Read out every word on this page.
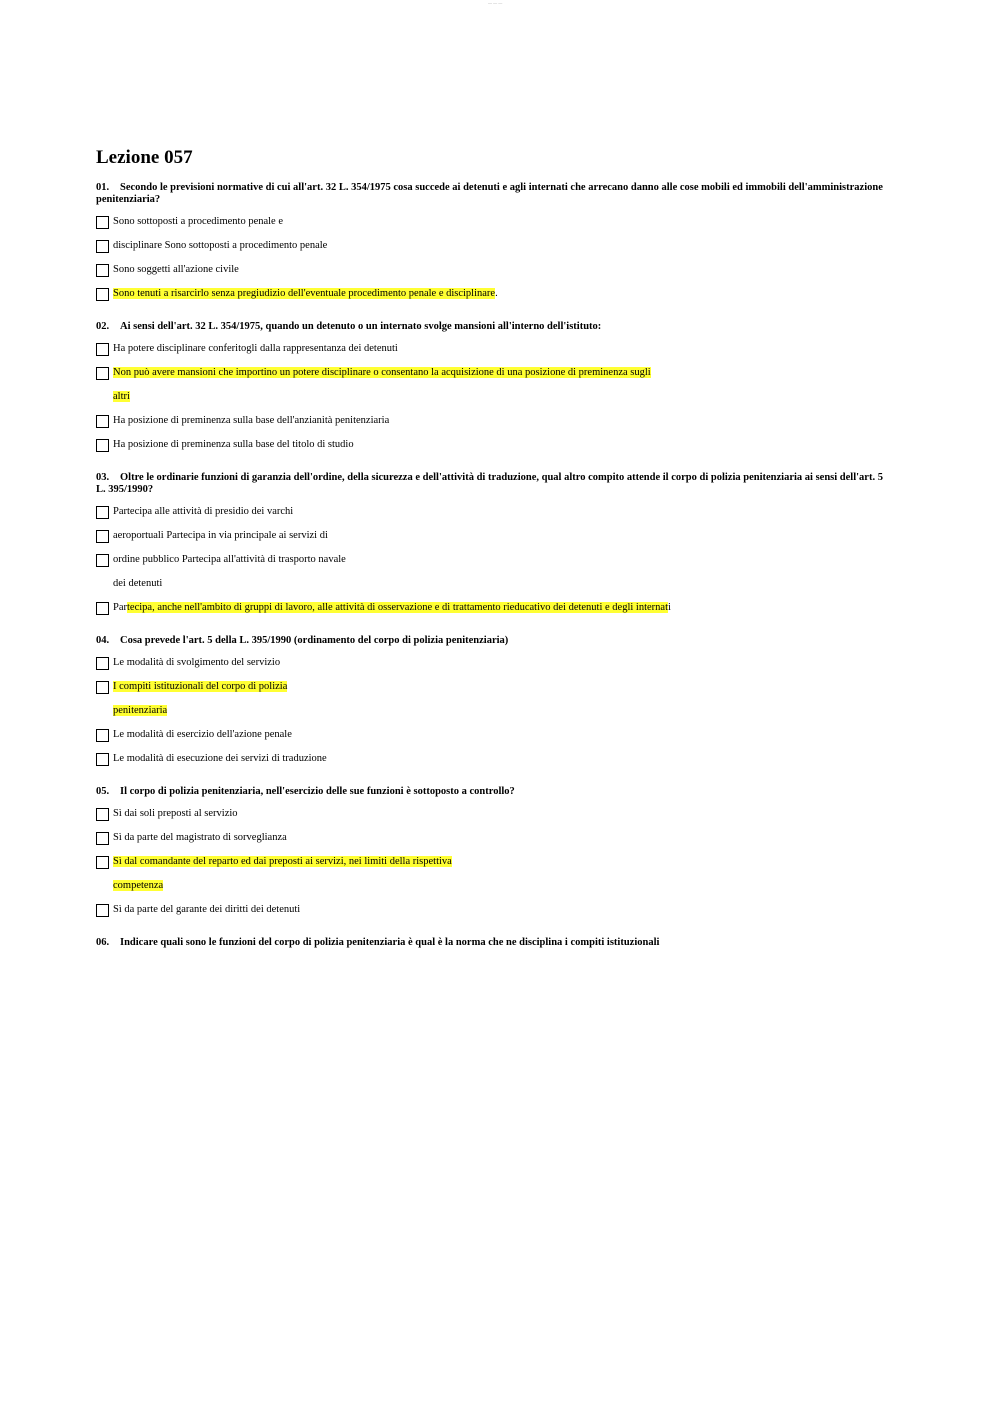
— — —
Lezione 057
01. Secondo le previsioni normative di cui all'art. 32 L. 354/1975 cosa succede ai detenuti e agli internati che arrecano danno alle cose mobili ed immobili dell'amministrazione penitenziaria?
Sono sottoposti a procedimento penale e
disciplinare Sono sottoposti a procedimento penale
Sono soggetti all'azione civile
Sono tenuti a risarcirlo senza pregiudizio dell'eventuale procedimento penale e disciplinare.
02. Ai sensi dell'art. 32 L. 354/1975, quando un detenuto o un internato svolge mansioni all'interno dell'istituto:
Ha potere disciplinare conferitogli dalla rappresentanza dei detenuti
Non può avere mansioni che importino un potere disciplinare o consentano la acquisizione di una posizione di preminenza sugli
altri
Ha posizione di preminenza sulla base dell'anzianità penitenziaria
Ha posizione di preminenza sulla base del titolo di studio
03. Oltre le ordinarie funzioni di garanzia dell'ordine, della sicurezza e dell'attività di traduzione, qual altro compito attende il corpo di polizia penitenziaria ai sensi dell'art. 5 L. 395/1990?
Partecipa alle attività di presidio dei varchi
aeroportuali Partecipa in via principale ai servizi di
ordine pubblico Partecipa all'attività di trasporto navale
dei detenuti
Partecipa, anche nell'ambito di gruppi di lavoro, alle attività di osservazione e di trattamento rieducativo dei detenuti e degli internati
04. Cosa prevede l'art. 5 della L. 395/1990 (ordinamento del corpo di polizia penitenziaria)
Le modalità di svolgimento del servizio
I compiti istituzionali del corpo di polizia
penitenziaria
Le modalità di esercizio dell'azione penale
Le modalità di esecuzione dei servizi di traduzione
05. Il corpo di polizia penitenziaria, nell'esercizio delle sue funzioni è sottoposto a controllo?
Sì dai soli preposti al servizio
Sì da parte del magistrato di sorveglianza
Sì dal comandante del reparto ed dai preposti ai servizi, nei limiti della rispettiva
competenza
Sì da parte del garante dei diritti dei detenuti
06. Indicare quali sono le funzioni del corpo di polizia penitenziaria è qual è la norma che ne disciplina i compiti istituzionali
